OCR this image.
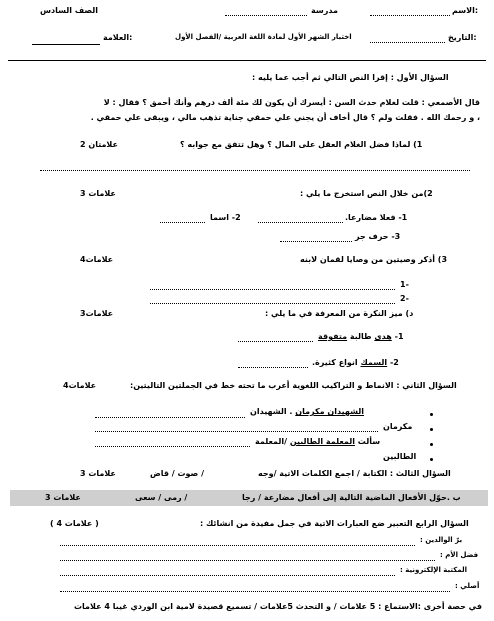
الاسم:
مدرسة
الصف السادس
التاريخ:
اختبار الشهر الأول لمادة اللغة العربية /الفصل الأول
العلامة:
السؤال الأول : إقرا النص التالي ثم أجب عما يليه :
قال الأصمعي : قلت لغلام حدث السن : أيسرك أن يكون لك مئة ألف درهم وأنك أحمق ؟ فقال : لا
، و رحمك الله . فقلت ولم ؟ قال أخاف أن يجني علي حمقي جناية تذهب مالي ، ويبقى علي حمقي .
1) لماذا فضل الغلام العقل على المال ؟ وهل تتفق مع جوابه ؟
2 علامتان
2)من خلال النص استخرج ما يلي :
3 علامات
1- فعلا مضارعا.
2- اسما
3- حرف جر
3) أذكر وصيتين من وصايا لقمان لابنه
4علامات
1-
2-
د) ميز النكرة من المعرفة في ما يلي :
3علامات
1- هدى طالبة متفوقة
2- السمك انواع كثيرة.
السؤال الثاني : الانماط و التراكيب اللغوية أعرب ما تحته خط في الجملتين التاليتين:
4علامات
الشهيدان مكرمان . الشهيدان
مكرمان
سألت المعلمة الطالبين /المعلمة
الطالبين
السؤال الثالث : الكتابة / اجمع الكلمات الاتية /وجه
/ صوت / قاض
3 علامات
ب .حوّل الأفعال الماضية التالية إلى أفعال مضارعة / رجا
/ رمى / سعى
3 علامات
السؤال الرابع التعبير ضع العبارات الاتية في جمل مفيدة من انشائك :
( 4 علامات )
برّ الوالدين :
فضل الأم :
المكتبة الإلكترونية :
أصلي :
في حصة أخرى :الاستماع : 5 علامات / و التحدث 5علامات / تسميع قصيدة لامية ابن الوردي غيبا 4 علامات
